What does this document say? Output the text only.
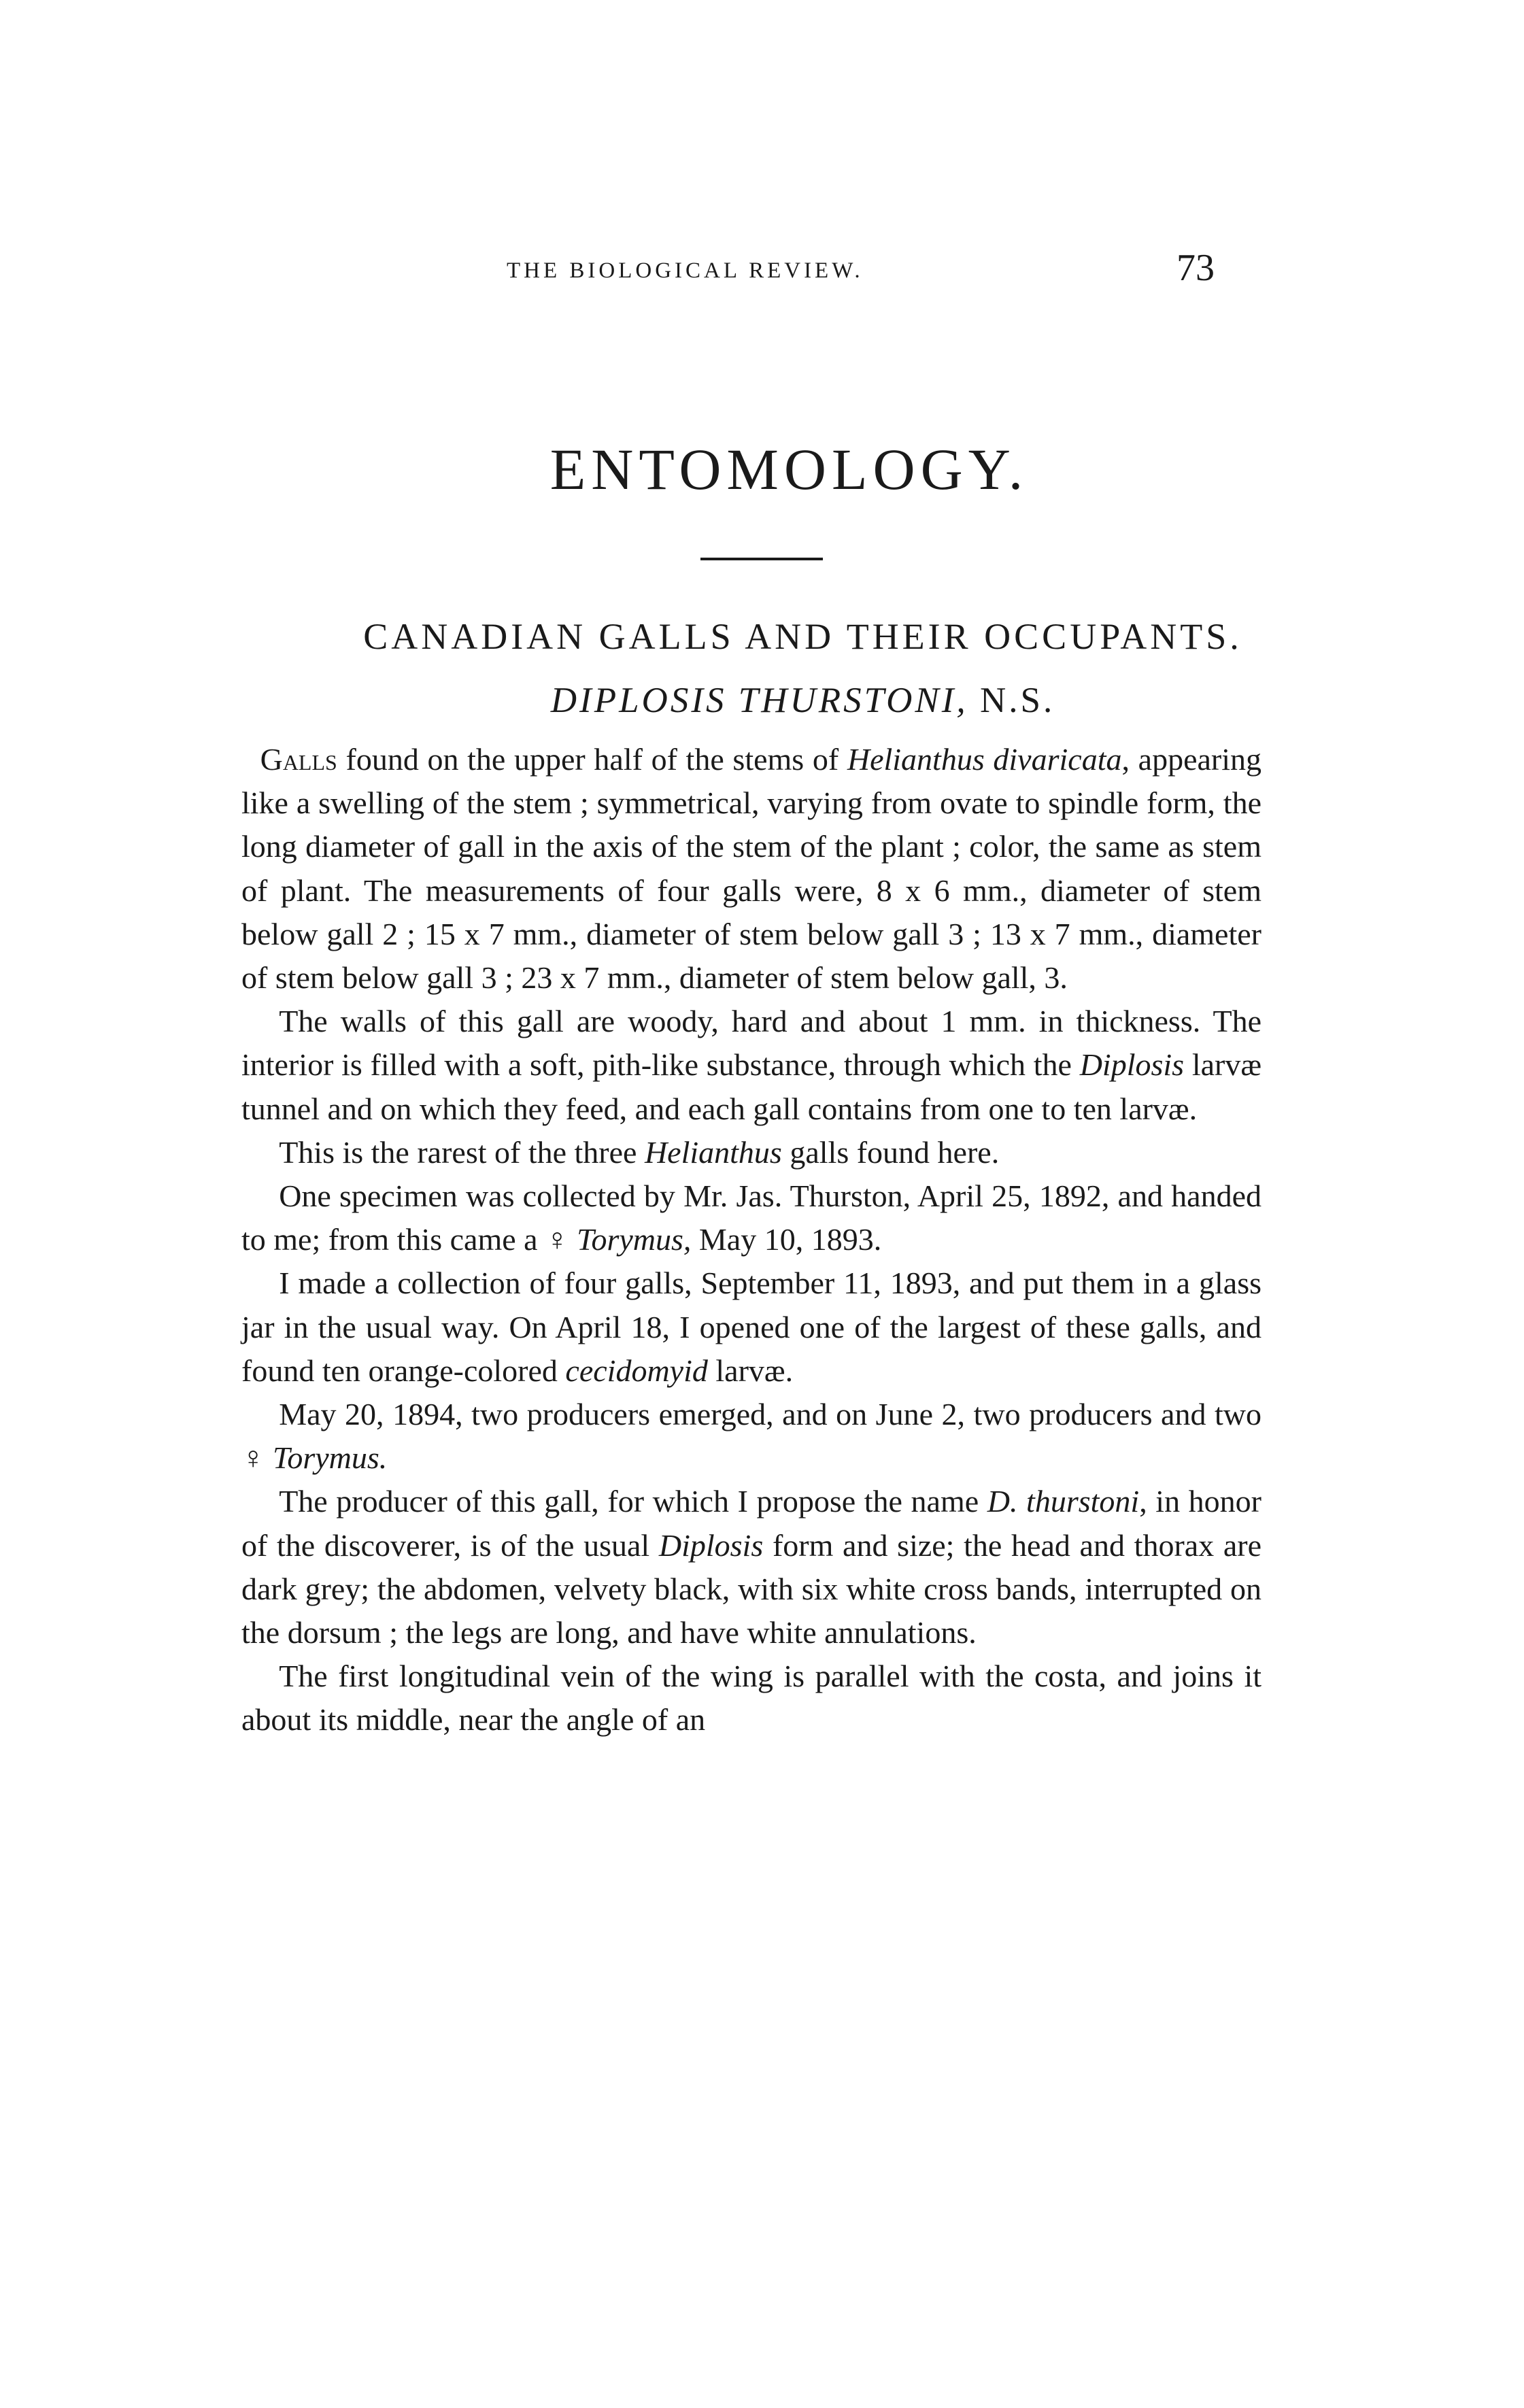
THE BIOLOGICAL REVIEW.	73
ENTOMOLOGY.
CANADIAN GALLS AND THEIR OCCUPANTS.
DIPLOSIS THURSTONI, N.S.

Galls found on the upper half of the stems of Helianthus divaricata, appearing like a swelling of the stem ; symmetrical, varying from ovate to spindle form, the long diameter of gall in the axis of the stem of the plant ; color, the same as stem of plant. The measurements of four galls were, 8 x 6 mm., diameter of stem below gall 2 ; 15 x 7 mm., diameter of stem below gall 3 ; 13 x 7 mm., diameter of stem below gall 3 ; 23 x 7 mm., diameter of stem below gall, 3.

The walls of this gall are woody, hard and about 1 mm. in thickness. The interior is filled with a soft, pith-like substance, through which the Diplosis larvæ tunnel and on which they feed, and each gall contains from one to ten larvæ.

This is the rarest of the three Helianthus galls found here.

One specimen was collected by Mr. Jas. Thurston, April 25, 1892, and handed to me; from this came a ♀ Torymus, May 10, 1893.

I made a collection of four galls, September 11, 1893, and put them in a glass jar in the usual way. On April 18, I opened one of the largest of these galls, and found ten orange-colored cecidomyid larvæ.

May 20, 1894, two producers emerged, and on June 2, two producers and two ♀ Torymus.

The producer of this gall, for which I propose the name D. thurstoni, in honor of the discoverer, is of the usual Diplosis form and size; the head and thorax are dark grey; the abdomen, velvety black, with six white cross bands, interrupted on the dorsum ; the legs are long, and have white annulations.

The first longitudinal vein of the wing is parallel with the costa, and joins it about its middle, near the angle of an
